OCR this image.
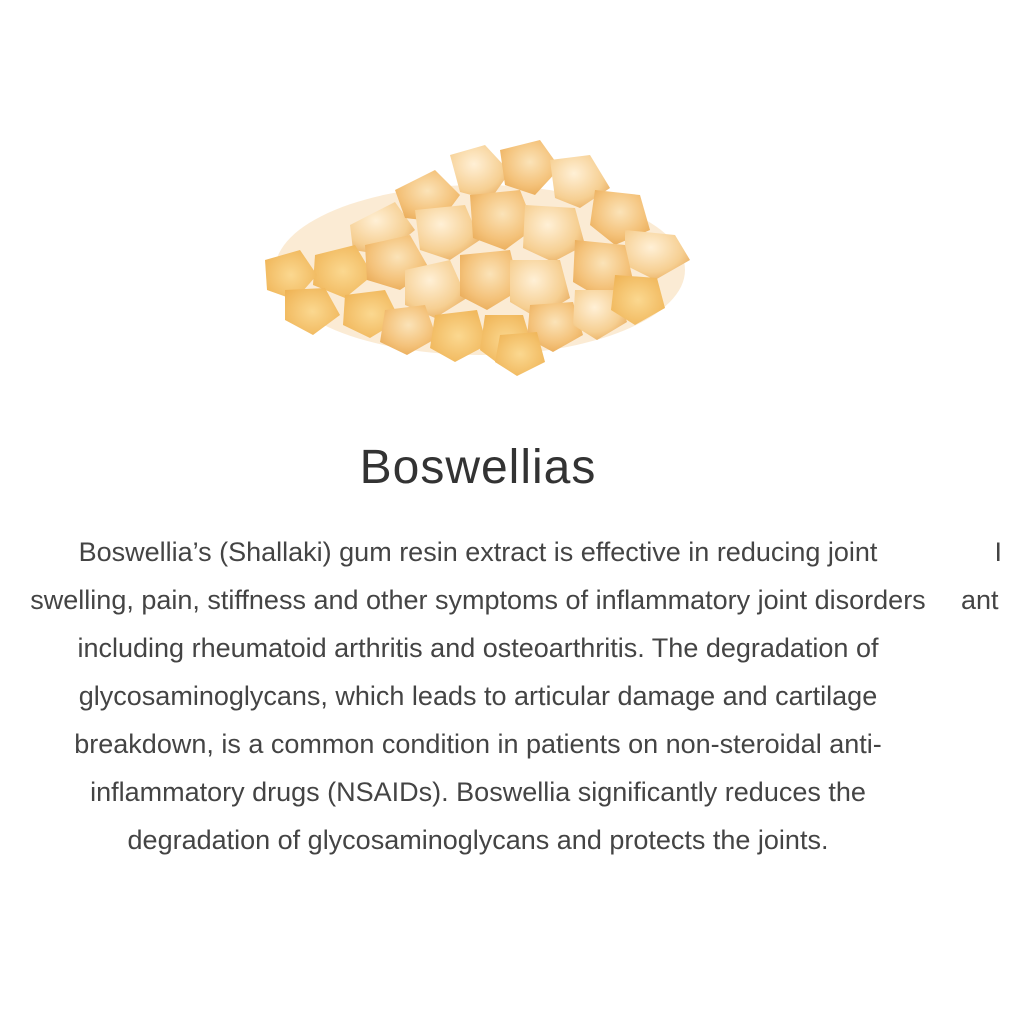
Boswellias
Boswellia’s (Shallaki) gum resin extract is effective in reducing joint swelling, pain, stiffness and other symptoms of inflammatory joint disorders including rheumatoid arthritis and osteoarthritis. The degradation of glycosaminoglycans, which leads to articular damage and cartilage breakdown, is a common condition in patients on non-steroidal anti-inflammatory drugs (NSAIDs). Boswellia significantly reduces the degradation of glycosaminoglycans and protects the joints.
I
ant
